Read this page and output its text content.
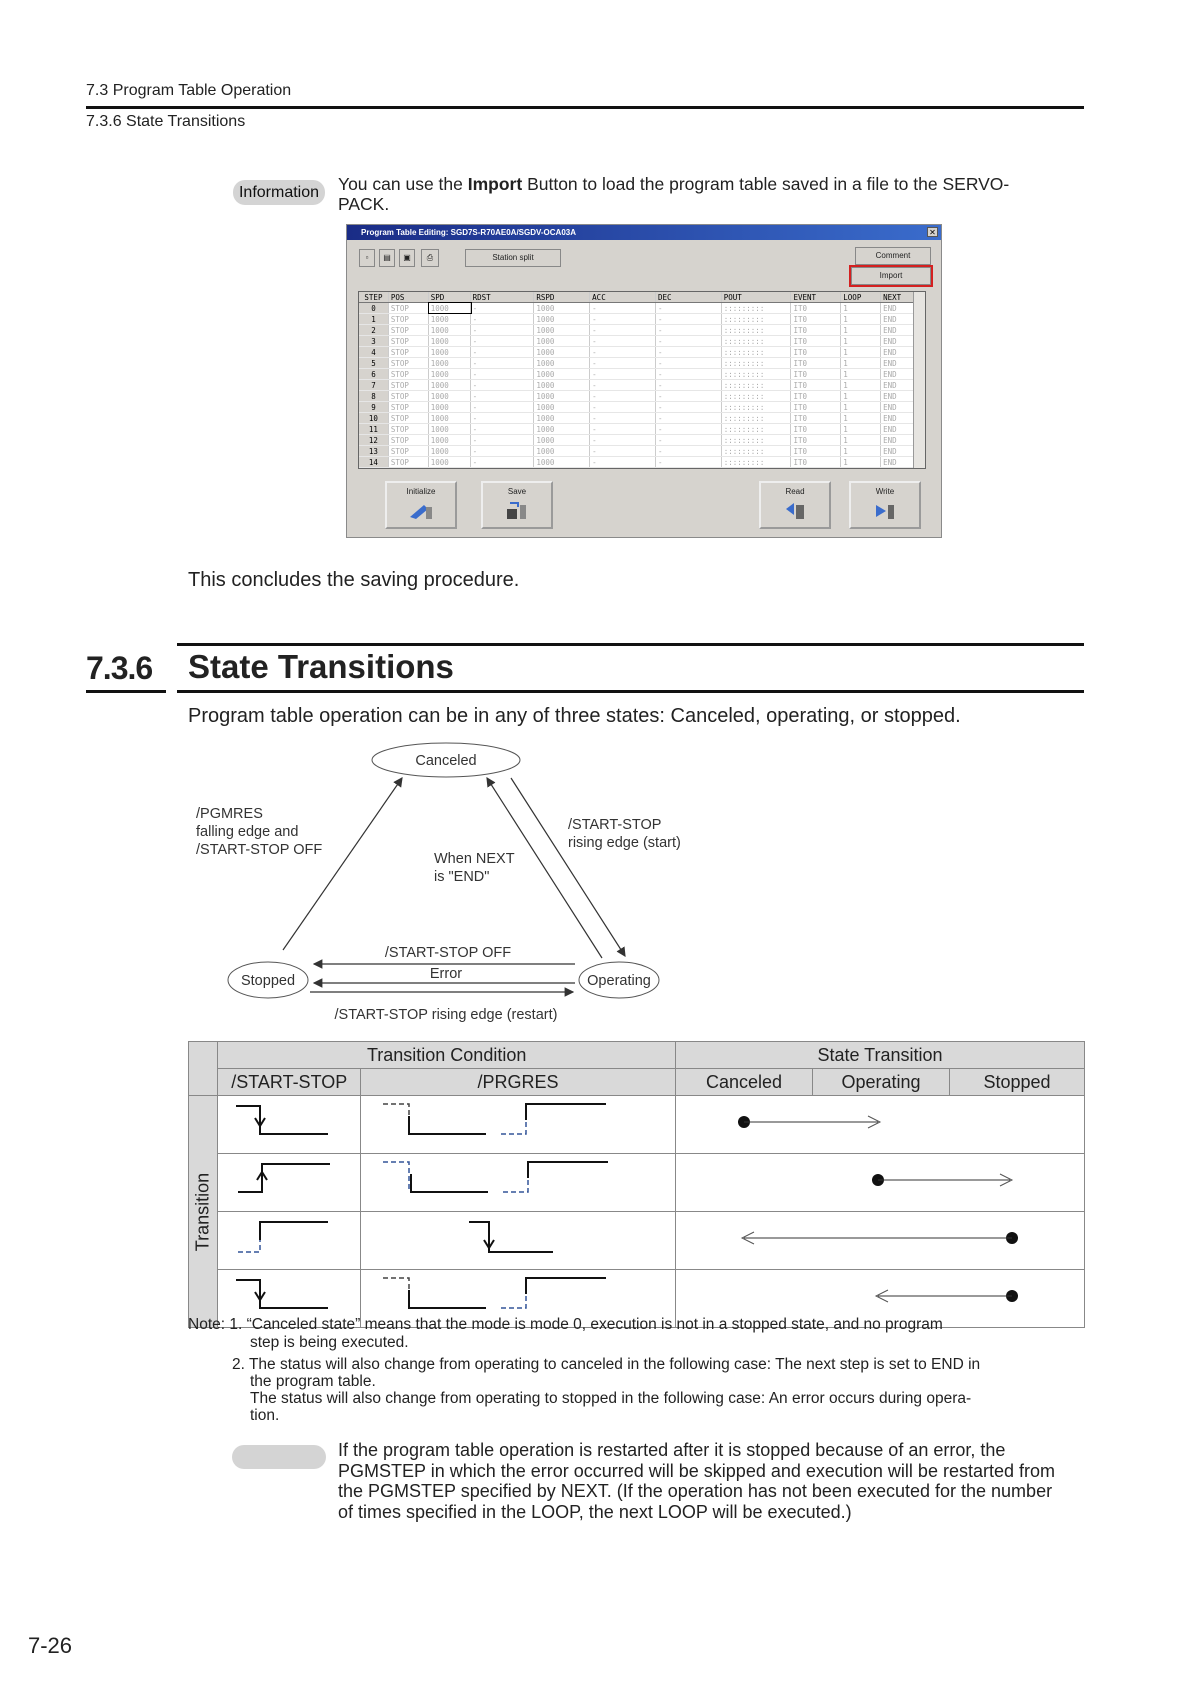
7.3 Program Table Operation
7.3.6 State Transitions
Information	You can use the Import Button to load the program table saved in a file to the SERVO-PACK.
Program Table Editing: SGD7S-R70AE0A/SGDV-OCA03A	✕
▫	▤	▣	⎙	Station split	Comment
Import
STEP	POS	SPD	RDST	RSPD	ACC	DEC	POUT	EVENT	LOOP	NEXT
0	STOP	1000	-	1000	-	-	:::::::::	IT0	1	END
1	STOP	1000	-	1000	-	-	:::::::::	IT0	1	END
2	STOP	1000	-	1000	-	-	:::::::::	IT0	1	END
3	STOP	1000	-	1000	-	-	:::::::::	IT0	1	END
4	STOP	1000	-	1000	-	-	:::::::::	IT0	1	END
5	STOP	1000	-	1000	-	-	:::::::::	IT0	1	END
6	STOP	1000	-	1000	-	-	:::::::::	IT0	1	END
7	STOP	1000	-	1000	-	-	:::::::::	IT0	1	END
8	STOP	1000	-	1000	-	-	:::::::::	IT0	1	END
9	STOP	1000	-	1000	-	-	:::::::::	IT0	1	END
10	STOP	1000	-	1000	-	-	:::::::::	IT0	1	END
11	STOP	1000	-	1000	-	-	:::::::::	IT0	1	END
12	STOP	1000	-	1000	-	-	:::::::::	IT0	1	END
13	STOP	1000	-	1000	-	-	:::::::::	IT0	1	END
14	STOP	1000	-	1000	-	-	:::::::::	IT0	1	END
Initialize	Save	Read	Write
This concludes the saving procedure.
7.3.6 State Transitions
Program table operation can be in any of three states: Canceled, operating, or stopped.
Canceled
Stopped	Operating
/PGMRES
falling edge and
/START-STOP OFF
/START-STOP
rising edge (start)
When NEXT
is "END"
/START-STOP OFF
Error
/START-STOP rising edge (restart)
	Transition Condition		State Transition		
	/START-STOP	/PRGRES	Canceled	Operating	Stopped

Transition

Note: 1. “Canceled state” means that the mode is mode 0, execution is not in a stopped state, and no program
step is being executed.
2. The status will also change from operating to canceled in the following case: The next step is set to END in
the program table.
The status will also change from operating to stopped in the following case: An error occurs during opera-
tion.
If the program table operation is restarted after it is stopped because of an error, the PGMSTEP in which the error occurred will be skipped and execution will be restarted from the PGMSTEP specified by NEXT. (If the operation has not been executed for the number of times specified in the LOOP, the next LOOP will be executed.)
7-26
